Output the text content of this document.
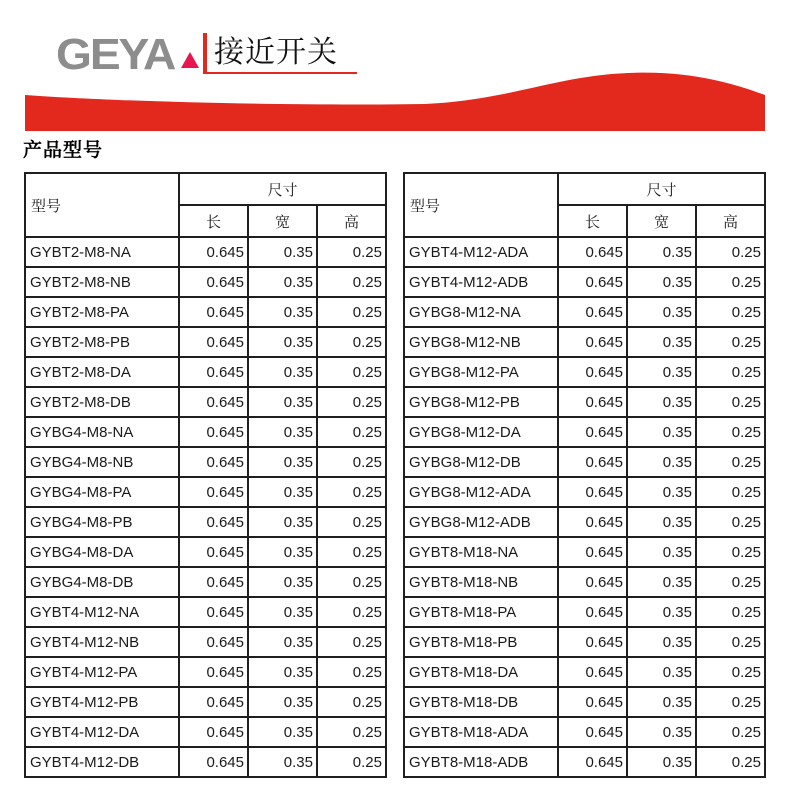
GEYA	接近开关
产品型号
型号	尺寸		
	长	宽	高
GYBT2-M8-NA	0.645	0.35	0.25
GYBT2-M8-NB	0.645	0.35	0.25
GYBT2-M8-PA	0.645	0.35	0.25
GYBT2-M8-PB	0.645	0.35	0.25
GYBT2-M8-DA	0.645	0.35	0.25
GYBT2-M8-DB	0.645	0.35	0.25
GYBG4-M8-NA	0.645	0.35	0.25
GYBG4-M8-NB	0.645	0.35	0.25
GYBG4-M8-PA	0.645	0.35	0.25
GYBG4-M8-PB	0.645	0.35	0.25
GYBG4-M8-DA	0.645	0.35	0.25
GYBG4-M8-DB	0.645	0.35	0.25
GYBT4-M12-NA	0.645	0.35	0.25
GYBT4-M12-NB	0.645	0.35	0.25
GYBT4-M12-PA	0.645	0.35	0.25
GYBT4-M12-PB	0.645	0.35	0.25
GYBT4-M12-DA	0.645	0.35	0.25
GYBT4-M12-DB	0.645	0.35	0.25
型号	尺寸		
	长	宽	高
GYBT4-M12-ADA	0.645	0.35	0.25
GYBT4-M12-ADB	0.645	0.35	0.25
GYBG8-M12-NA	0.645	0.35	0.25
GYBG8-M12-NB	0.645	0.35	0.25
GYBG8-M12-PA	0.645	0.35	0.25
GYBG8-M12-PB	0.645	0.35	0.25
GYBG8-M12-DA	0.645	0.35	0.25
GYBG8-M12-DB	0.645	0.35	0.25
GYBG8-M12-ADA	0.645	0.35	0.25
GYBG8-M12-ADB	0.645	0.35	0.25
GYBT8-M18-NA	0.645	0.35	0.25
GYBT8-M18-NB	0.645	0.35	0.25
GYBT8-M18-PA	0.645	0.35	0.25
GYBT8-M18-PB	0.645	0.35	0.25
GYBT8-M18-DA	0.645	0.35	0.25
GYBT8-M18-DB	0.645	0.35	0.25
GYBT8-M18-ADA	0.645	0.35	0.25
GYBT8-M18-ADB	0.645	0.35	0.25
